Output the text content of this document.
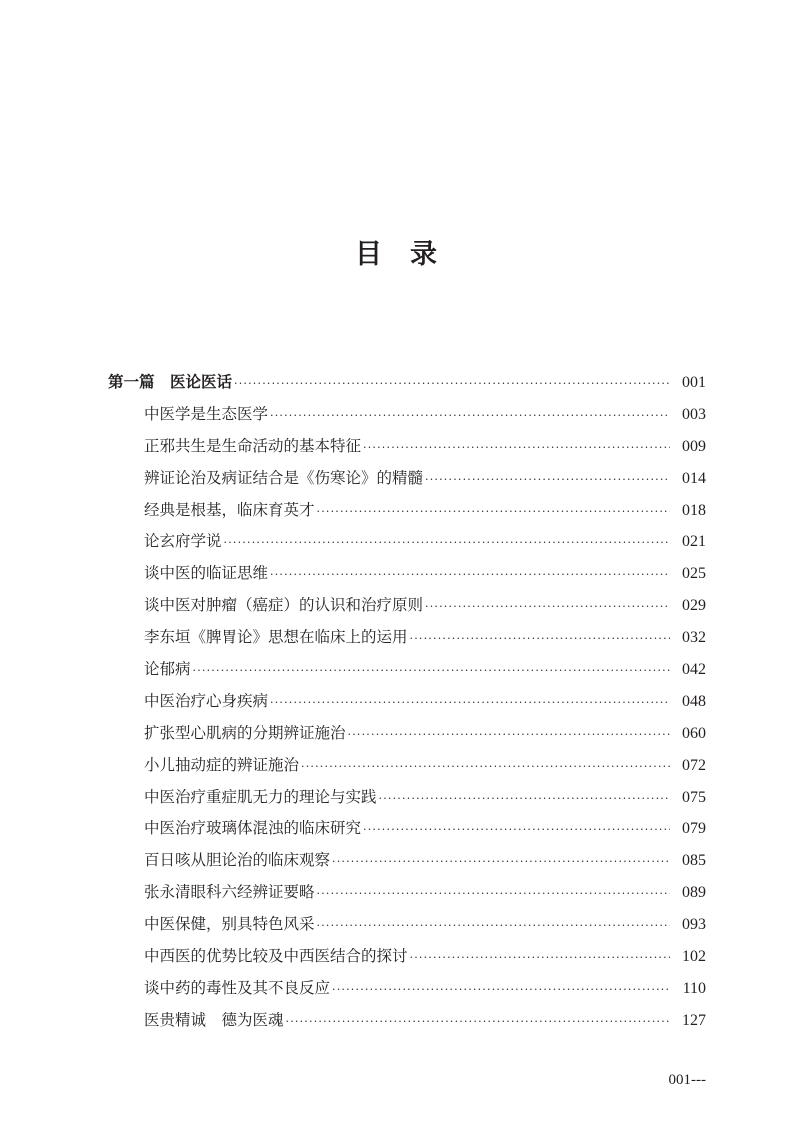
目录
第一篇　医论医话 ·····	001
中医学是生态医学 ·····	003
正邪共生是生命活动的基本特征 ·····	009
辨证论治及病证结合是《伤寒论》的精髓 ·····	014
经典是根基，临床育英才 ·····	018
论玄府学说 ·····	021
谈中医的临证思维 ·····	025
谈中医对肿瘤（癌症）的认识和治疗原则 ·····	029
李东垣《脾胃论》思想在临床上的运用 ·····	032
论郁病 ·····	042
中医治疗心身疾病 ·····	048
扩张型心肌病的分期辨证施治 ·····	060
小儿抽动症的辨证施治 ·····	072
中医治疗重症肌无力的理论与实践 ·····	075
中医治疗玻璃体混浊的临床研究 ·····	079
百日咳从胆论治的临床观察 ·····	085
张永清眼科六经辨证要略 ·····	089
中医保健，别具特色风采 ·····	093
中西医的优势比较及中西医结合的探讨 ·····	102
谈中药的毒性及其不良反应 ·····	110
医贵精诚　德为医魂 ·····	127
001---
